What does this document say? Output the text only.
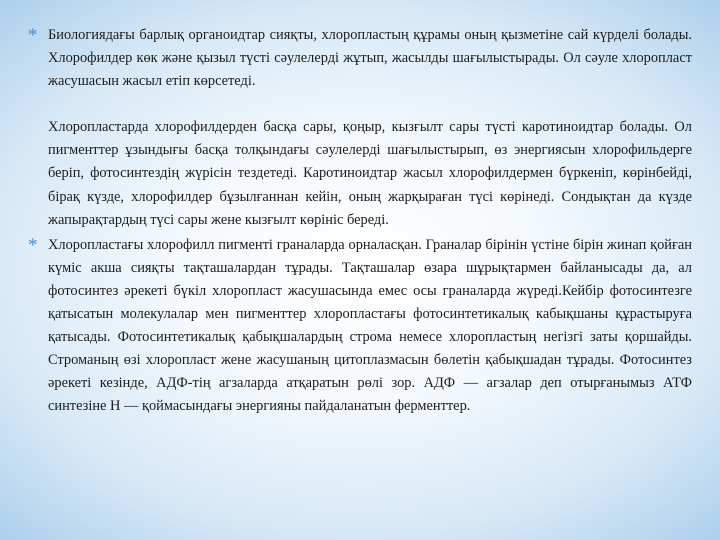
* Биологиядағы барлық органоидтар сияқты, хлоропластың құрамы оның қызметіне сай күрделі болады. Хлорофилдер көк және қызыл түсті сәулелерді жұтып, жасылды шағылыстырады. Ол сәуле хлоропласт жасушасын жасыл етіп көрсетеді.

Хлоропластарда хлорофилдерден басқа сары, қоңыр, кызғылт сары түсті каротиноидтар болады. Ол пигменттер ұзындығы басқа толқындағы сәулелерді шағылыстырып, өз энергиясын хлорофильдерге беріп, фотосинтездің жүрісін тездетеді. Каротиноидтар жасыл хлорофилдермен бүркеніп, көрінбейді, бірақ күзде, хлорофилдер бұзылғаннан кейін, оның жарқыраған түсі көрінеді. Сондықтан да күзде жапырақтардың түсі сары жене кызғылт көрініс береді.

* Хлоропластағы хлорофилл пигменті граналарда орналасқан. Граналар бірінін үстіне бірін жинап қойған күміс акша сияқты тақташалардан тұрады. Тақташалар өзара шұрықтармен байланысады да, ал фотосинтез әрекеті бүкіл хлоропласт жасушасында емес осы граналарда жүреді.Кейбір фотосинтезге қатысатын молекулалар мен пигменттер хлоропластағы фотосинтетикалық кабықшаны құрастыруға қатысады. Фотосинтетикалық қабықшалардың строма немесе хлоропластың негізгі заты қоршайды. Строманың өзі хлоропласт жене жасушаның цитоплазмасын бөлетін қабықшадан тұрады. Фотосинтез әрекеті кезінде, АДФ-тің агзаларда атқаратын рөлі зор. АДФ — агзалар деп отырғанымыз АТФ синтезіне Н — қоймасындағы энергияны пайдаланатын ферменттер.
